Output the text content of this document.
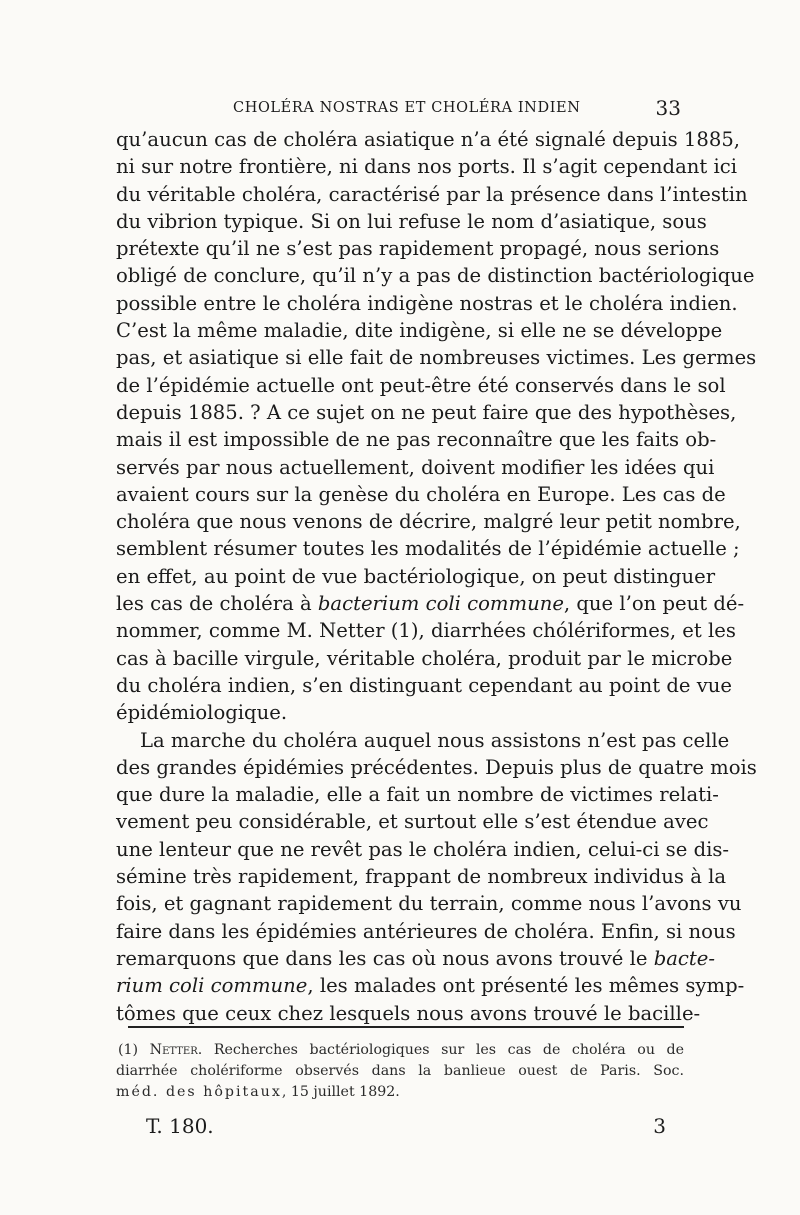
CHOLÉRA NOSTRAS ET CHOLÉRA INDIEN	33
qu’aucun cas de choléra asiatique n’a été signalé depuis 1885,
ni sur notre frontière, ni dans nos ports. Il s’agit cependant ici
du véritable choléra, caractérisé par la présence dans l’intestin
du vibrion typique. Si on lui refuse le nom d’asiatique, sous
prétexte qu’il ne s’est pas rapidement propagé, nous serions
obligé de conclure, qu’il n’y a pas de distinction bactériologique
possible entre le choléra indigène nostras et le choléra indien.
C’est la même maladie, dite indigène, si elle ne se développe
pas, et asiatique si elle fait de nombreuses victimes. Les germes
de l’épidémie actuelle ont peut-être été conservés dans le sol
depuis 1885. ? A ce sujet on ne peut faire que des hypothèses,
mais il est impossible de ne pas reconnaître que les faits ob-
servés par nous actuellement, doivent modifier les idées qui
avaient cours sur la genèse du choléra en Europe. Les cas de
choléra que nous venons de décrire, malgré leur petit nombre,
semblent résumer toutes les modalités de l’épidémie actuelle ;
en effet, au point de vue bactériologique, on peut distinguer
les cas de choléra à bacterium coli commune, que l’on peut dé-
nommer, comme M. Netter (1), diarrhées chólériformes, et les
cas à bacille virgule, véritable choléra, produit par le microbe
du choléra indien, s’en distinguant cependant au point de vue
épidémiologique.
La marche du choléra auquel nous assistons n’est pas celle
des grandes épidémies précédentes. Depuis plus de quatre mois
que dure la maladie, elle a fait un nombre de victimes relati-
vement peu considérable, et surtout elle s’est étendue avec
une lenteur que ne revêt pas le choléra indien, celui-ci se dis-
sémine très rapidement, frappant de nombreux individus à la
fois, et gagnant rapidement du terrain, comme nous l’avons vu
faire dans les épidémies antérieures de choléra. Enfin, si nous
remarquons que dans les cas où nous avons trouvé le bacte-
rium coli commune, les malades ont présenté les mêmes symp-
tômes que ceux chez lesquels nous avons trouvé le bacille-
(1) Netter. Recherches bactériologiques sur les cas de choléra ou de
diarrhée cholériforme observés dans la banlieue ouest de Paris. Soc.
méd. des hôpitaux, 15 juillet 1892.
T. 180.	3
